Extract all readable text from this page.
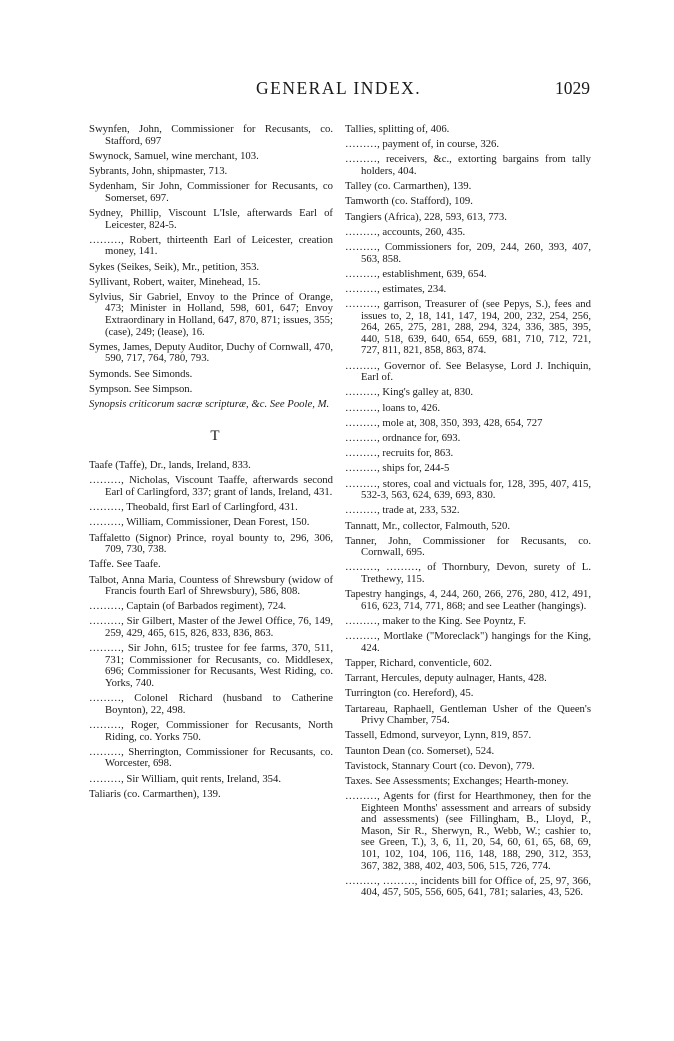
GENERAL INDEX.	1029
Swynfen, John, Commissioner for Recusants, co. Stafford, 697
Swynock, Samuel, wine merchant, 103.
Sybrants, John, shipmaster, 713.
Sydenham, Sir John, Commissioner for Recusants, co Somerset, 697.
Sydney, Phillip, Viscount L'Isle, afterwards Earl of Leicester, 824-5.
………, Robert, thirteenth Earl of Leicester, creation money, 141.
Sykes (Seikes, Seik), Mr., petition, 353.
Syllivant, Robert, waiter, Minehead, 15.
Sylvius, Sir Gabriel, Envoy to the Prince of Orange, 473; Minister in Holland, 598, 601, 647; Envoy Extraordinary in Holland, 647, 870, 871; issues, 355; (case), 249; (lease), 16.
Symes, James, Deputy Auditor, Duchy of Cornwall, 470, 590, 717, 764, 780, 793.
Symonds. See Simonds.
Sympson. See Simpson.
Synopsis criticorum sacræ scripturæ, &c. See Poole, M.
T
Taafe (Taffe), Dr., lands, Ireland, 833.
………, Nicholas, Viscount Taaffe, afterwards second Earl of Carlingford, 337; grant of lands, Ireland, 431.
………, Theobald, first Earl of Carlingford, 431.
………, William, Commissioner, Dean Forest, 150.
Taffaletto (Signor) Prince, royal bounty to, 296, 306, 709, 730, 738.
Taffe. See Taafe.
Talbot, Anna Maria, Countess of Shrewsbury (widow of Francis fourth Earl of Shrewsbury), 586, 808.
………, Captain (of Barbados regiment), 724.
………, Sir Gilbert, Master of the Jewel Office, 76, 149, 259, 429, 465, 615, 826, 833, 836, 863.
………, Sir John, 615; trustee for fee farms, 370, 511, 731; Commissioner for Recusants, co. Middlesex, 696; Commissioner for Recusants, West Riding, co. Yorks, 740.
………, Colonel Richard (husband to Catherine Boynton), 22, 498.
………, Roger, Commissioner for Recusants, North Riding, co. Yorks 750.
………, Sherrington, Commissioner for Recusants, co. Worcester, 698.
………, Sir William, quit rents, Ireland, 354.
Taliaris (co. Carmarthen), 139.
Tallies, splitting of, 406.
………, payment of, in course, 326.
………, receivers, &c., extorting bargains from tally holders, 404.
Talley (co. Carmarthen), 139.
Tamworth (co. Stafford), 109.
Tangiers (Africa), 228, 593, 613, 773.
………, accounts, 260, 435.
………, Commissioners for, 209, 244, 260, 393, 407, 563, 858.
………, establishment, 639, 654.
………, estimates, 234.
………, garrison, Treasurer of (see Pepys, S.), fees and issues to, 2, 18, 141, 147, 194, 200, 232, 254, 256, 264, 265, 275, 281, 288, 294, 324, 336, 385, 395, 440, 518, 639, 640, 654, 659, 681, 710, 712, 721, 727, 811, 821, 858, 863, 874.
………, Governor of. See Belasyse, Lord J. Inchiquin, Earl of.
………, King's galley at, 830.
………, loans to, 426.
………, mole at, 308, 350, 393, 428, 654, 727
………, ordnance for, 693.
………, recruits for, 863.
………, ships for, 244-5
………, stores, coal and victuals for, 128, 395, 407, 415, 532-3, 563, 624, 639, 693, 830.
………, trade at, 233, 532.
Tannatt, Mr., collector, Falmouth, 520.
Tanner, John, Commissioner for Recusants, co. Cornwall, 695.
………, ………, of Thornbury, Devon, surety of L. Trethewy, 115.
Tapestry hangings, 4, 244, 260, 266, 276, 280, 412, 491, 616, 623, 714, 771, 868; and see Leather (hangings).
………, maker to the King. See Poyntz, F.
………, Mortlake ("Moreclack") hangings for the King, 424.
Tapper, Richard, conventicle, 602.
Tarrant, Hercules, deputy aulnager, Hants, 428.
Turrington (co. Hereford), 45.
Tartareau, Raphaell, Gentleman Usher of the Queen's Privy Chamber, 754.
Tassell, Edmond, surveyor, Lynn, 819, 857.
Taunton Dean (co. Somerset), 524.
Tavistock, Stannary Court (co. Devon), 779.
Taxes. See Assessments; Exchanges; Hearth-money.
………, Agents for (first for Hearthmoney, then for the Eighteen Months' assessment and arrears of subsidy and assessments) (see Fillingham, B., Lloyd, P., Mason, Sir R., Sherwyn, R., Webb, W.; cashier to, see Green, T.), 3, 6, 11, 20, 54, 60, 61, 65, 68, 69, 101, 102, 104, 106, 116, 148, 188, 290, 312, 353, 367, 382, 388, 402, 403, 506, 515, 726, 774.
………, ………, incidents bill for Office of, 25, 97, 366, 404, 457, 505, 556, 605, 641, 781; salaries, 43, 526.
